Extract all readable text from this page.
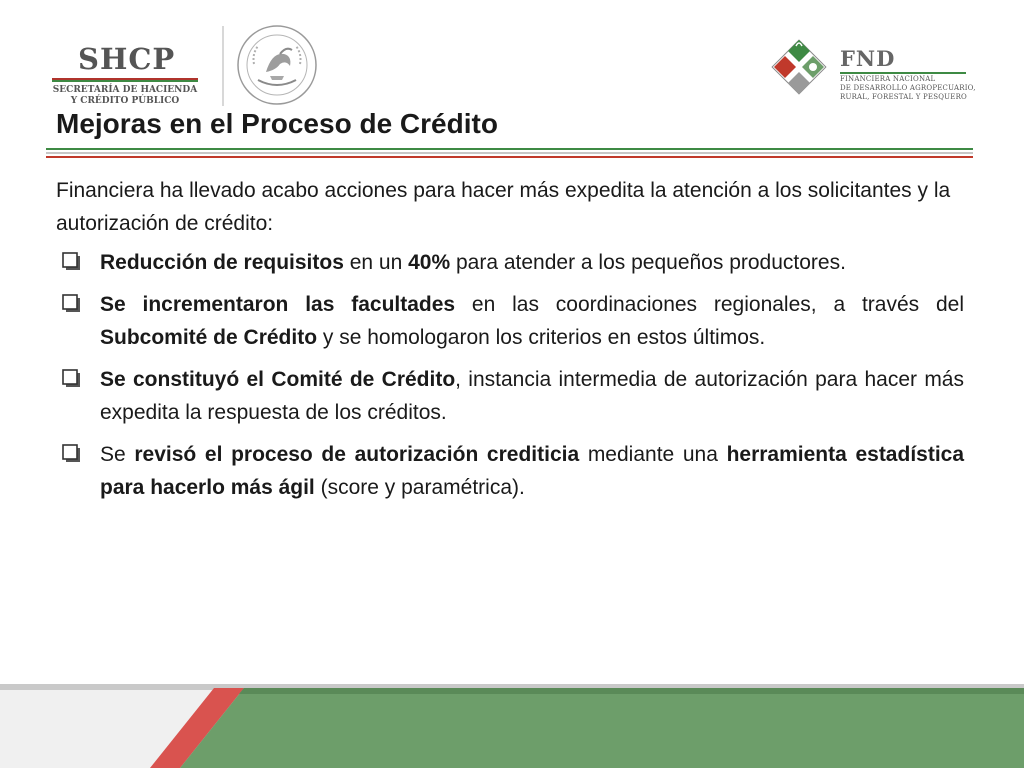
SHCP
SECRETARÍA DE HACIENDA
Y CRÉDITO PÚBLICO
FND
FINANCIERA NACIONAL
DE DESARROLLO AGROPECUARIO,
RURAL, FORESTAL Y PESQUERO
Mejoras en el Proceso de Crédito

Financiera ha llevado acabo acciones para hacer más expedita la atención a los solicitantes y la autorización de crédito:

Reducción de requisitos en un 40% para atender a los pequeños productores.
Se incrementaron las facultades en las coordinaciones regionales, a través del Subcomité de Crédito y se homologaron los criterios en estos últimos.
Se constituyó el Comité de Crédito, instancia intermedia de autorización para hacer más expedita la respuesta de los créditos.
Se revisó el proceso de autorización crediticia mediante una herramienta estadística para hacerlo más ágil (score y paramétrica).
